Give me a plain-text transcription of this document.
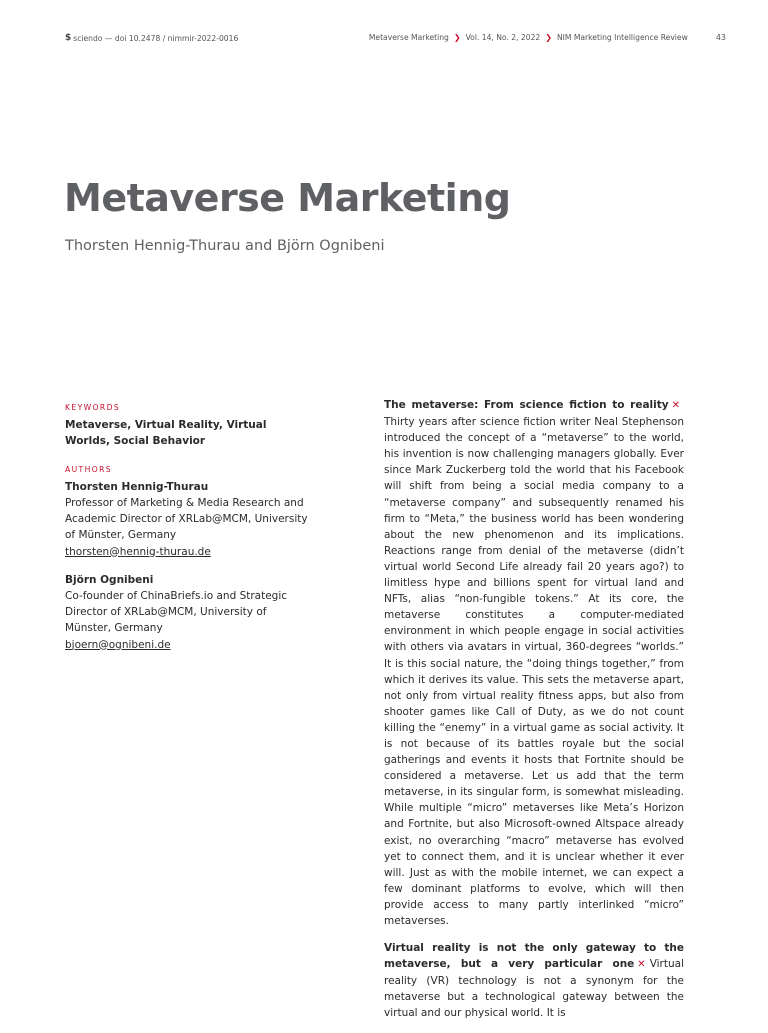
$ sciendo
— doi 10.2478 / nimmir-2022-0016	Metaverse Marketing ❯ Vol. 14, No. 2, 2022 ❯ NIM Marketing Intelligence Review	43
Metaverse Marketing

Thorsten Hennig-Thurau and Björn Ognibeni

KEYWORDS
Metaverse, Virtual Reality, Virtual Worlds, Social Behavior
AUTHORS
Thorsten Hennig-Thurau
Professor of Marketing & Media Research and Academic Director of XRLab@MCM, University of Münster, Germany
thorsten@hennig-thurau.de
Björn Ognibeni
Co-founder of ChinaBriefs.io and Strategic Director of XRLab@MCM, University of Münster, Germany
bjoern@ognibeni.de

The metaverse: From science fiction to reality ✕Thirty years after science fiction writer Neal Stephenson introduced the concept of a “metaverse” to the world, his invention is now challenging managers globally. Ever since Mark Zuckerberg told the world that his Facebook will shift from being a social media company to a “metaverse company” and subsequently renamed his firm to “Meta,” the business world has been wondering about the new phenomenon and its implications. Reactions range from denial of the metaverse (didn’t virtual world Second Life already fail 20 years ago?) to limitless hype and billions spent for virtual land and NFTs, alias “non-fungible tokens.” At its core, the metaverse constitutes a computer-mediated environment in which people engage in social activities with others via avatars in virtual, 360-degrees “worlds.” It is this social nature, the “doing things together,” from which it derives its value. This sets the metaverse apart, not only from virtual reality fitness apps, but also from shooter games like Call of Duty, as we do not count killing the “enemy” in a virtual game as social activity. It is not because of its battles royale but the social gatherings and events it hosts that Fortnite should be considered a metaverse. Let us add that the term metaverse, in its singular form, is somewhat misleading. While multiple “micro” metaverses like Meta’s Horizon and Fortnite, but also Microsoft-owned Altspace already exist, no overarching “macro” metaverse has evolved yet to connect them, and it is unclear whether it ever will. Just as with the mobile internet, we can expect a few dominant platforms to evolve, which will then provide access to many partly interlinked “micro” metaverses.

Virtual reality is not the only gateway to the metaverse, but a very particular one ✕ Virtual reality (VR) technology is not a synonym for the metaverse but a technological gateway between the virtual and our physical world. It is
